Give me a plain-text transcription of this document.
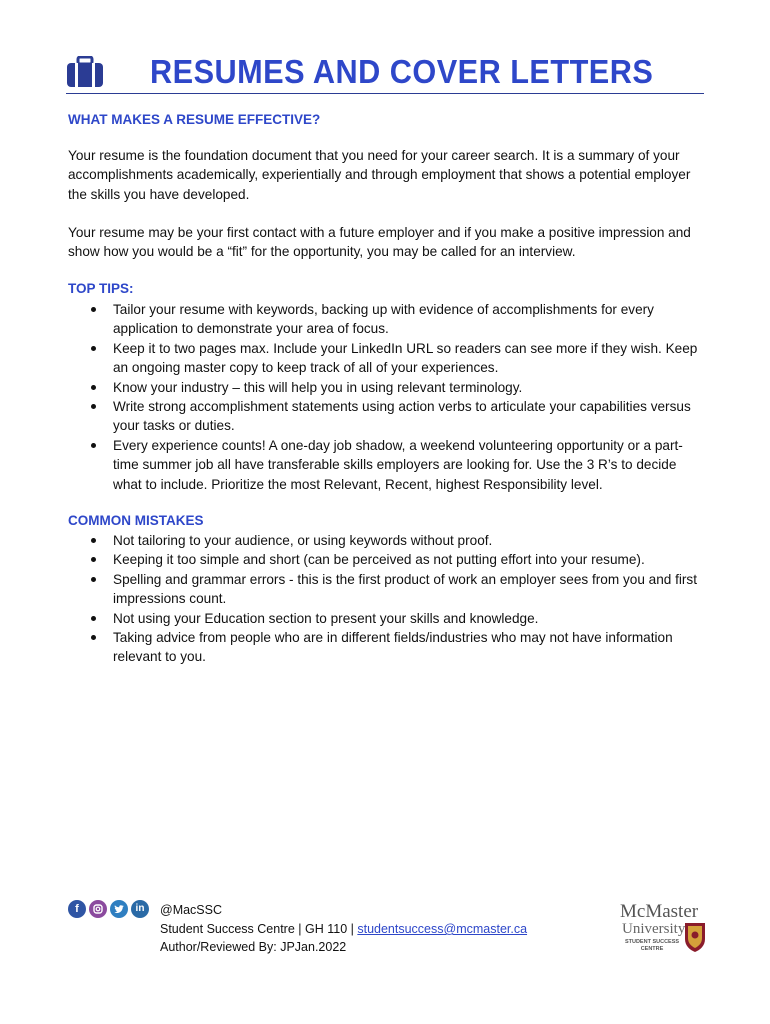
RESUMES AND COVER LETTERS
WHAT MAKES A RESUME EFFECTIVE?
Your resume is the foundation document that you need for your career search. It is a summary of your
accomplishments academically, experientially and through employment that shows a potential employer
the skills you have developed.
Your resume may be your first contact with a future employer and if you make a positive impression and
show how you would be a “fit” for the opportunity, you may be called for an interview.
TOP TIPS:
Tailor your resume with keywords, backing up with evidence of accomplishments for every
application to demonstrate your area of focus.
Keep it to two pages max. Include your LinkedIn URL so readers can see more if they wish. Keep
an ongoing master copy to keep track of all of your experiences.
Know your industry – this will help you in using relevant terminology.
Write strong accomplishment statements using action verbs to articulate your capabilities versus
your tasks or duties.
Every experience counts! A one-day job shadow, a weekend volunteering opportunity or a part-
time summer job all have transferable skills employers are looking for. Use the 3 R’s to decide
what to include. Prioritize the most Relevant, Recent, highest Responsibility level.
COMMON MISTAKES
Not tailoring to your audience, or using keywords without proof.
Keeping it too simple and short (can be perceived as not putting effort into your resume).
Spelling and grammar errors - this is the first product of work an employer sees from you and first
impressions count.
Not using your Education section to present your skills and knowledge.
Taking advice from people who are in different fields/industries who may not have information
relevant to you.
f	in	@MacSSC
Student Success Centre | GH 110 | studentsuccess@mcmaster.ca
Author/Reviewed By: JPJan.2022
McMaster
University
STUDENT SUCCESS CENTRE
